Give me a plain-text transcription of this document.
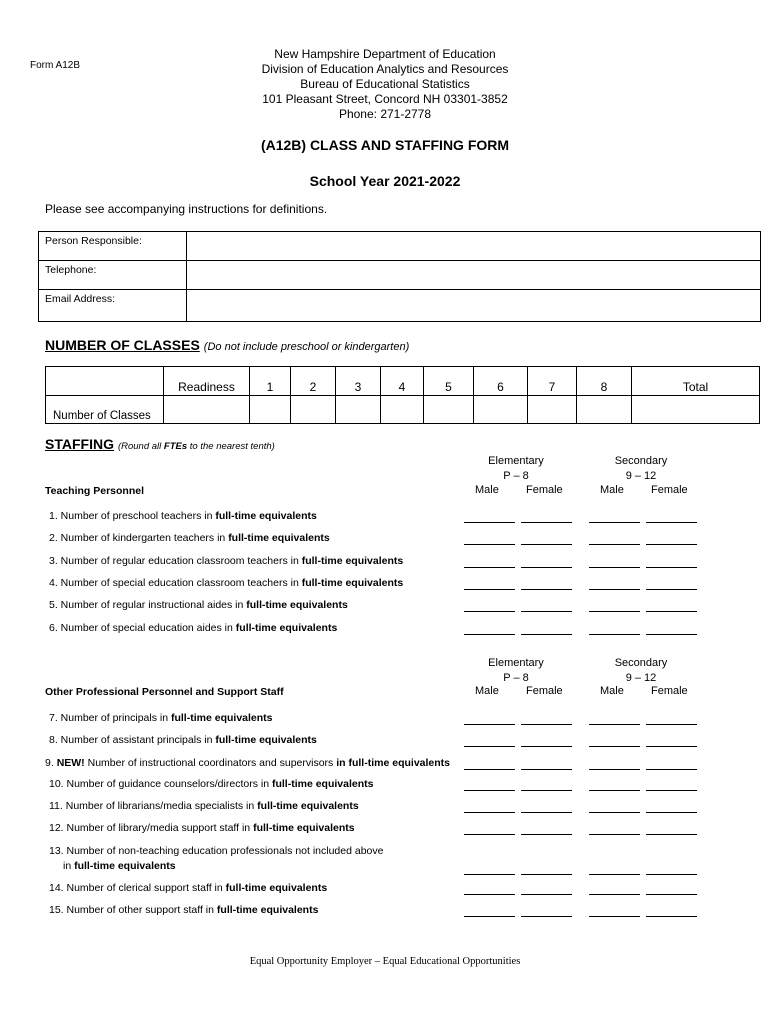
Form A12B
New Hampshire Department of Education
Division of Education Analytics and Resources
Bureau of Educational Statistics
101 Pleasant Street, Concord NH 03301-3852
Phone: 271-2778
(A12B) CLASS AND STAFFING FORM
School Year 2021-2022
Please see accompanying instructions for definitions.
Person Responsible:	
Telephone:	
Email Address:	
NUMBER OF CLASSES (Do not include preschool or kindergarten)
	Readiness	1	2	3	4	5	6	7	8	Total
Number of Classes										
STAFFING (Round all FTEs to the nearest tenth)
Elementary
P – 8
Secondary
9 – 12
Teaching Personnel	Male Female	Male Female
1. Number of preschool teachers in full-time equivalents
2. Number of kindergarten teachers in full-time equivalents
3. Number of regular education classroom teachers in full-time equivalents
4. Number of special education classroom teachers in full-time equivalents
5. Number of regular instructional aides in full-time equivalents
6. Number of special education aides in full-time equivalents
Elementary
P – 8
Secondary
9 – 12
Other Professional Personnel and Support Staff	Male Female	Male Female
7. Number of principals in full-time equivalents
8. Number of assistant principals in full-time equivalents
9. NEW! Number of instructional coordinators and supervisors in full-time equivalents
10. Number of guidance counselors/directors in full-time equivalents
11. Number of librarians/media specialists in full-time equivalents
12. Number of library/media support staff in full-time equivalents
13. Number of non-teaching education professionals not included above
in full-time equivalents
14. Number of clerical support staff in full-time equivalents
15. Number of other support staff in full-time equivalents
Equal Opportunity Employer – Equal Educational Opportunities
